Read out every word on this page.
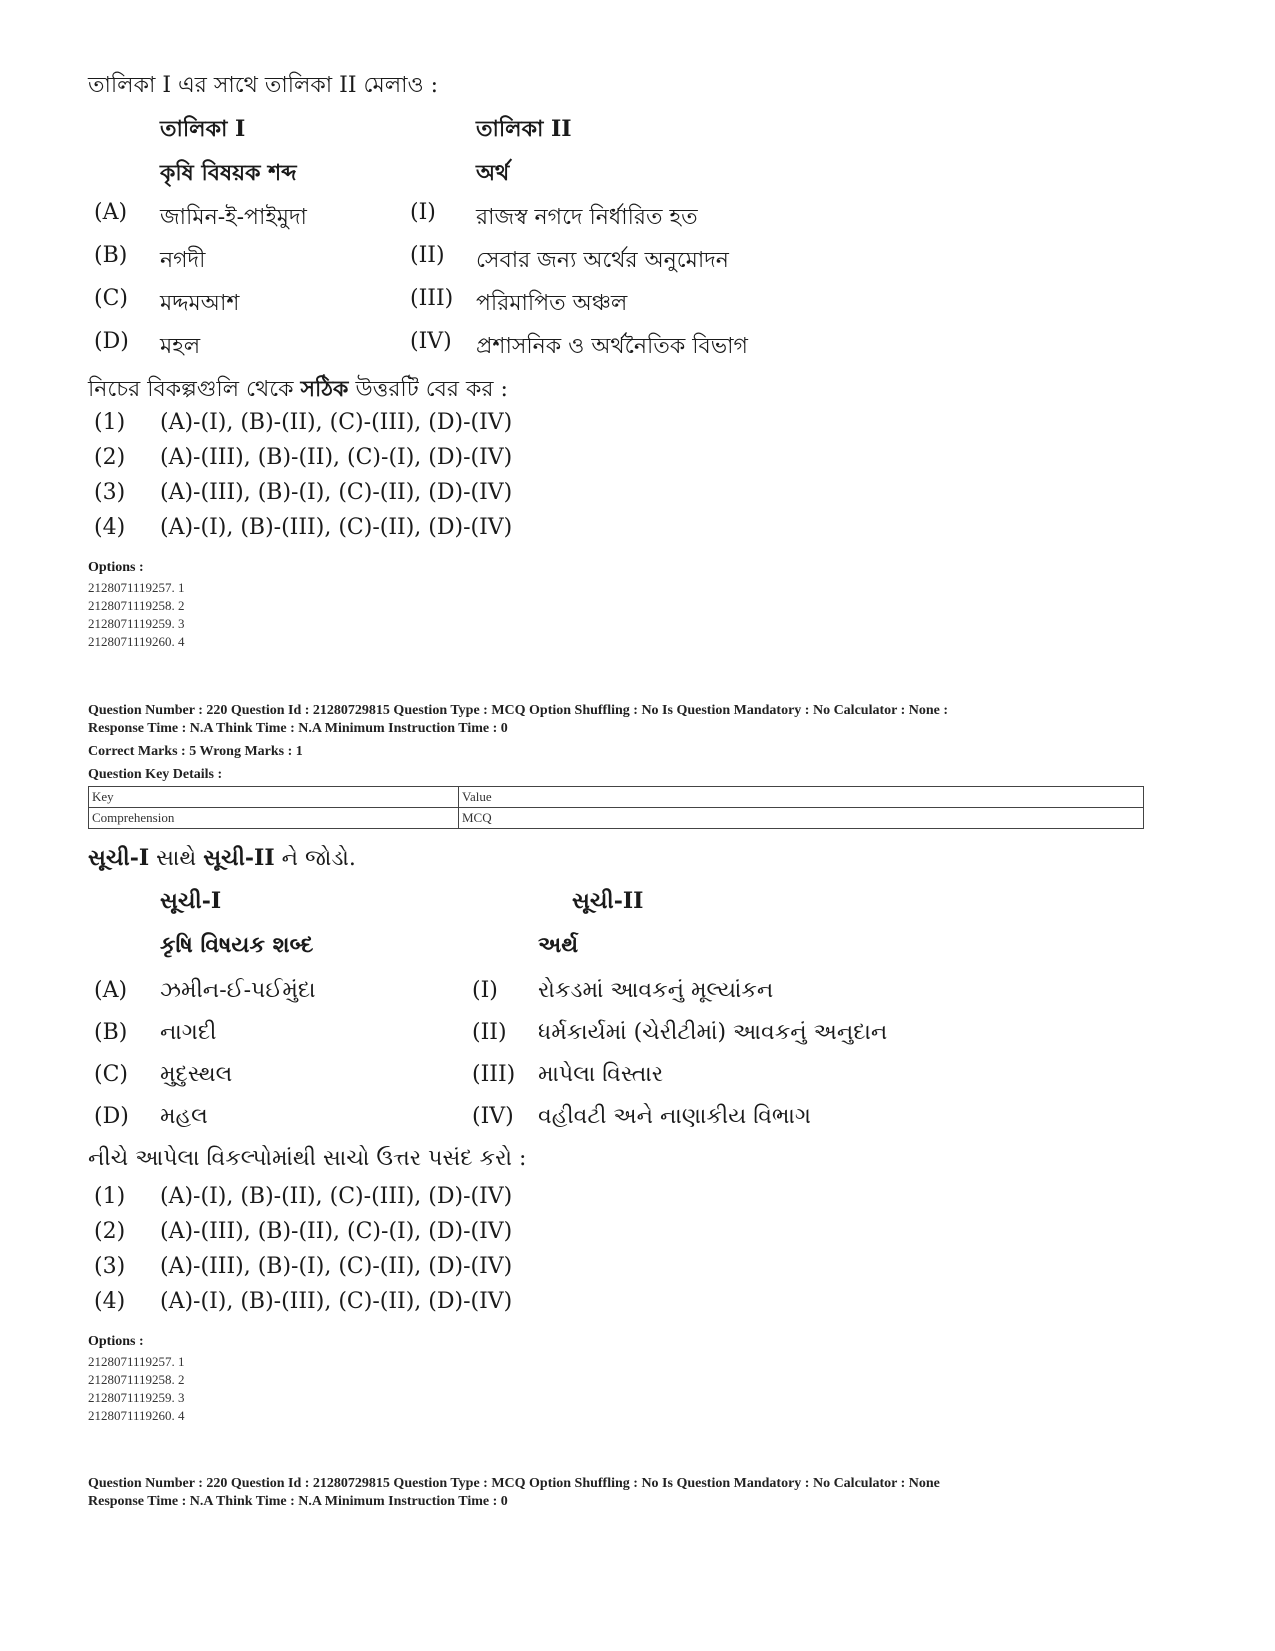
তালিকা I এর সাথে তালিকা II মেলাও :
তালিকা I	তালিকা II
কৃষি বিষয়ক শব্দ	অর্থ
(A) জামিন-ই-পাইমুদা	(I) রাজস্ব নগদে নির্ধারিত হত
(B) নগদী	(II) সেবার জন্য অর্থের অনুমোদন
(C) মদ্দমআশ	(III) পরিমাপিত অঞ্চল
(D) মহল	(IV) প্রশাসনিক ও অর্থনৈতিক বিভাগ
নিচের বিকল্পগুলি থেকে সঠিক উত্তরটি বের কর :
(1) (A)-(I), (B)-(II), (C)-(III), (D)-(IV)
(2) (A)-(III), (B)-(II), (C)-(I), (D)-(IV)
(3) (A)-(III), (B)-(I), (C)-(II), (D)-(IV)
(4) (A)-(I), (B)-(III), (C)-(II), (D)-(IV)
Options :
2128071119257. 1
2128071119258. 2
2128071119259. 3
2128071119260. 4
Question Number : 220 Question Id : 21280729815 Question Type : MCQ Option Shuffling : No Is Question Mandatory : No Calculator : None :
Response Time : N.A Think Time : N.A Minimum Instruction Time : 0
Correct Marks : 5 Wrong Marks : 1
Question Key Details :
Key	Value
Comprehension	MCQ
સૂચી-I સાથે સૂચી-II ને જોડો.
સૂચી-I	સૂચી-II
કૃષિ વિષયક શબ્દ	અર્થ
(A) ઝમીન-ઈ-પઈમુંદા	(I) રોકડમાં આવકનું મૂલ્યાંકન
(B) નાગદી	(II) ધર્મકાર્યમાં (ચેરીટીમાં) આવકનું અનુદાન
(C) મુદુસ્થલ	(III) માપેલા વિસ્તાર
(D) મહલ	(IV) વહીવટી અને નાણાકીય વિભાગ
નીચે આપેલા વિકલ્પોમાંથી સાચો ઉત્તર પસંદ કરો :
(1) (A)-(I), (B)-(II), (C)-(III), (D)-(IV)
(2) (A)-(III), (B)-(II), (C)-(I), (D)-(IV)
(3) (A)-(III), (B)-(I), (C)-(II), (D)-(IV)
(4) (A)-(I), (B)-(III), (C)-(II), (D)-(IV)
Options :
2128071119257. 1
2128071119258. 2
2128071119259. 3
2128071119260. 4
Question Number : 220 Question Id : 21280729815 Question Type : MCQ Option Shuffling : No Is Question Mandatory : No Calculator : None
Response Time : N.A Think Time : N.A Minimum Instruction Time : 0
